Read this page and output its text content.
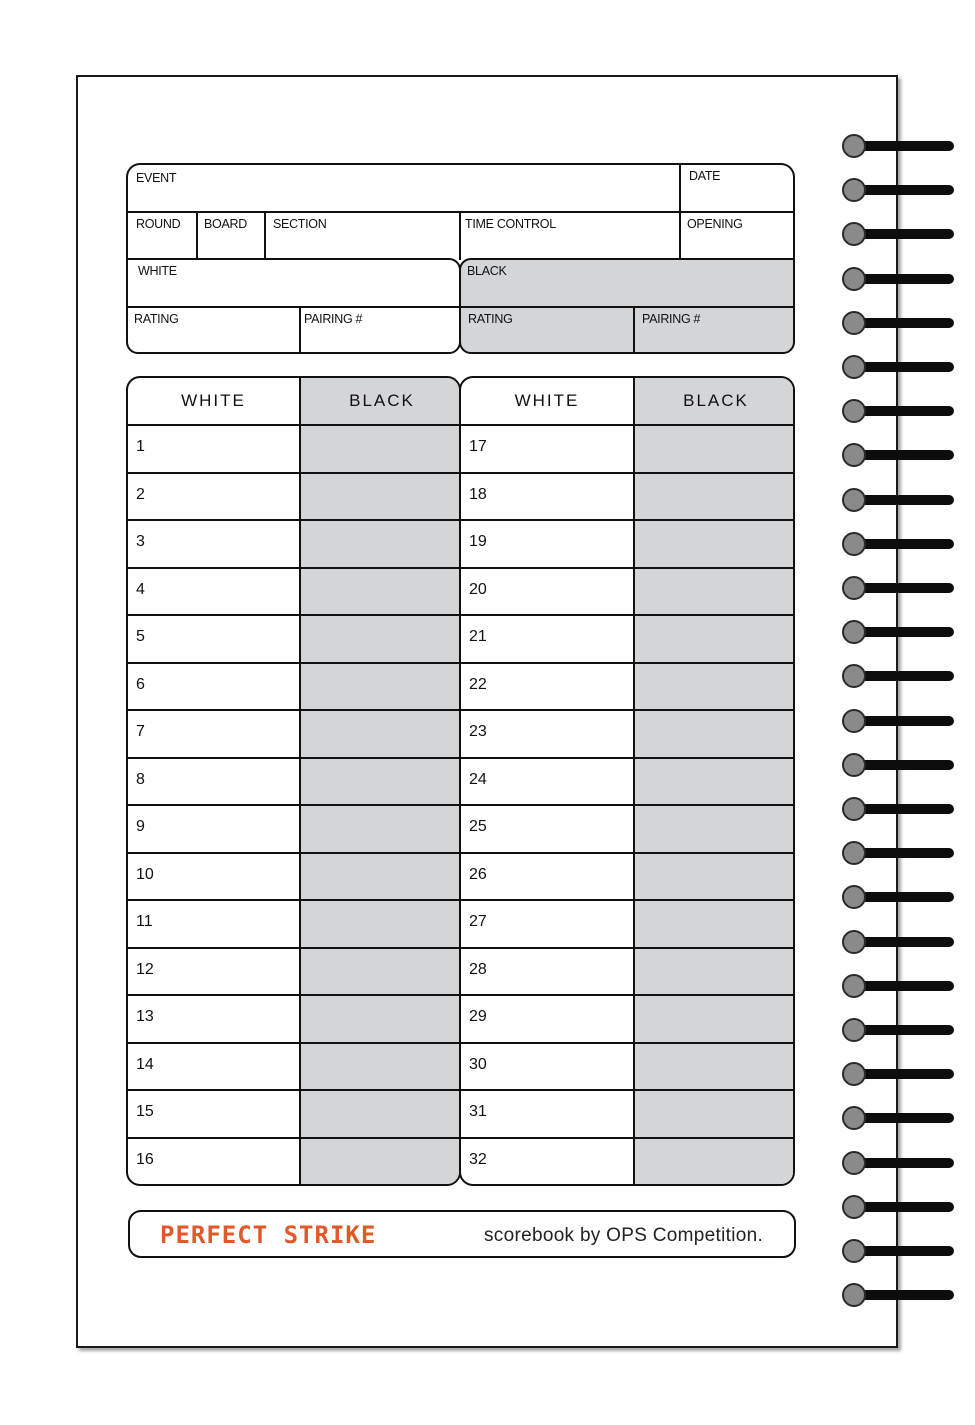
EVENT	DATE
ROUND BOARD SECTION	TIME CONTROL	OPENING
WHITE
RATING	PAIRING #
BLACK
RATING	PAIRING #
WHITE	BLACK
1
2
3
4
5
6
7
8
9
10
11
12
13
14
15
16
WHITE	BLACK
17
18
19
20
21
22
23
24
25
26
27
28
29
30
31
32
PERFECT STRIKE	scorebook by OPS Competition.
